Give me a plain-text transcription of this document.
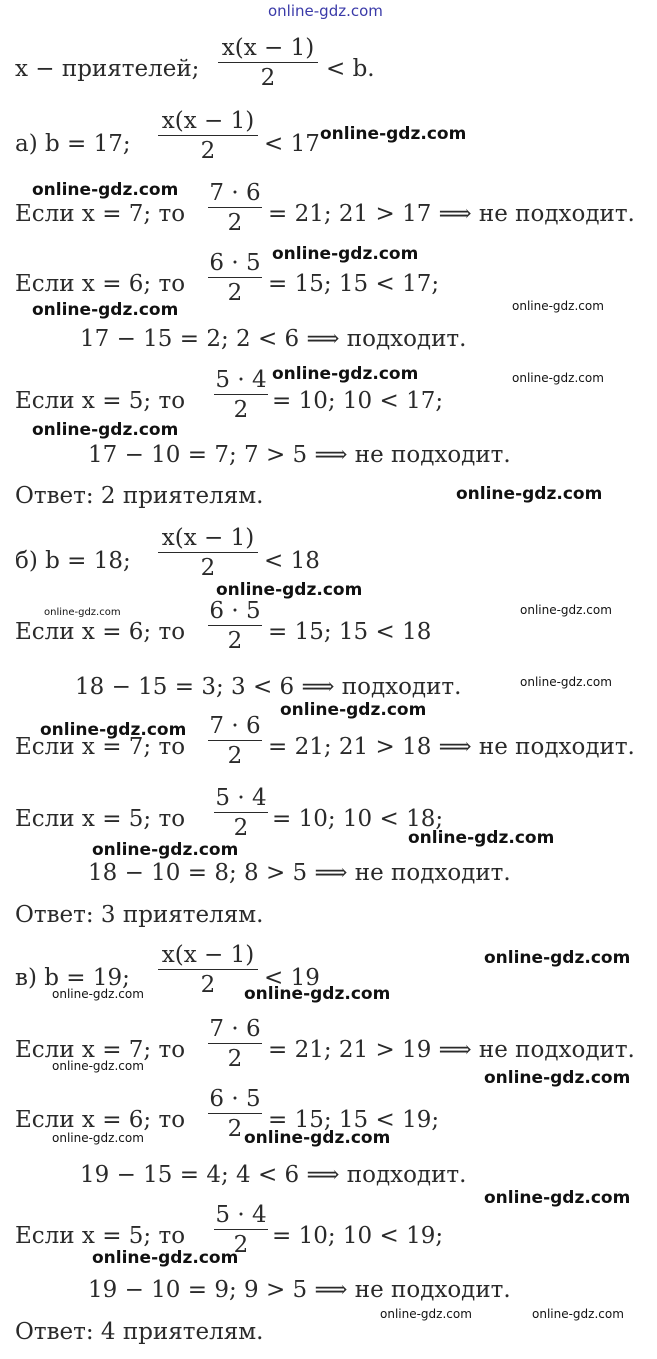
x − приятелей;
x(x − 1)
2	< b.
а) b = 17;
x(x − 1)
2	< 17
Если x = 7; то
7 · 6
2	= 21; 21 > 17 ⟹ не подходит.
Если x = 6; то
6 · 5
2	= 15; 15 < 17;
17 − 15 = 2; 2 < 6 ⟹ подходит.
Если x = 5; то
5 · 4
2	= 10; 10 < 17;
17 − 10 = 7; 7 > 5 ⟹ не подходит.
Ответ: 2 приятелям.
б) b = 18;
x(x − 1)
2	< 18
Если x = 6; то
6 · 5
2	= 15; 15 < 18
18 − 15 = 3; 3 < 6 ⟹ подходит.
Если x = 7; то
7 · 6
2	= 21; 21 > 18 ⟹ не подходит.
Если x = 5; то
5 · 4
2	= 10; 10 < 18;
18 − 10 = 8; 8 > 5 ⟹ не подходит.
Ответ: 3 приятелям.
в) b = 19;
x(x − 1)
2	< 19
Если x = 7; то
7 · 6
2	= 21; 21 > 19 ⟹ не подходит.
Если x = 6; то
6 · 5
2	= 15; 15 < 19;
19 − 15 = 4; 4 < 6 ⟹ подходит.
Если x = 5; то
5 · 4
2	= 10; 10 < 19;
19 − 10 = 9; 9 > 5 ⟹ не подходит.
Ответ: 4 приятелям.
online-gdz.com
online-gdz.com
online-gdz.com
online-gdz.com
online-gdz.com	online-gdz.com
online-gdz.com	online-gdz.com
online-gdz.com
online-gdz.com
online-gdz.com
online-gdz.com	online-gdz.com
online-gdz.com
online-gdz.com
online-gdz.com
online-gdz.com
online-gdz.com
online-gdz.com
online-gdz.com
online-gdz.com
online-gdz.com
online-gdz.com
online-gdz.com	online-gdz.com
online-gdz.com
online-gdz.com
online-gdz.com	online-gdz.com
